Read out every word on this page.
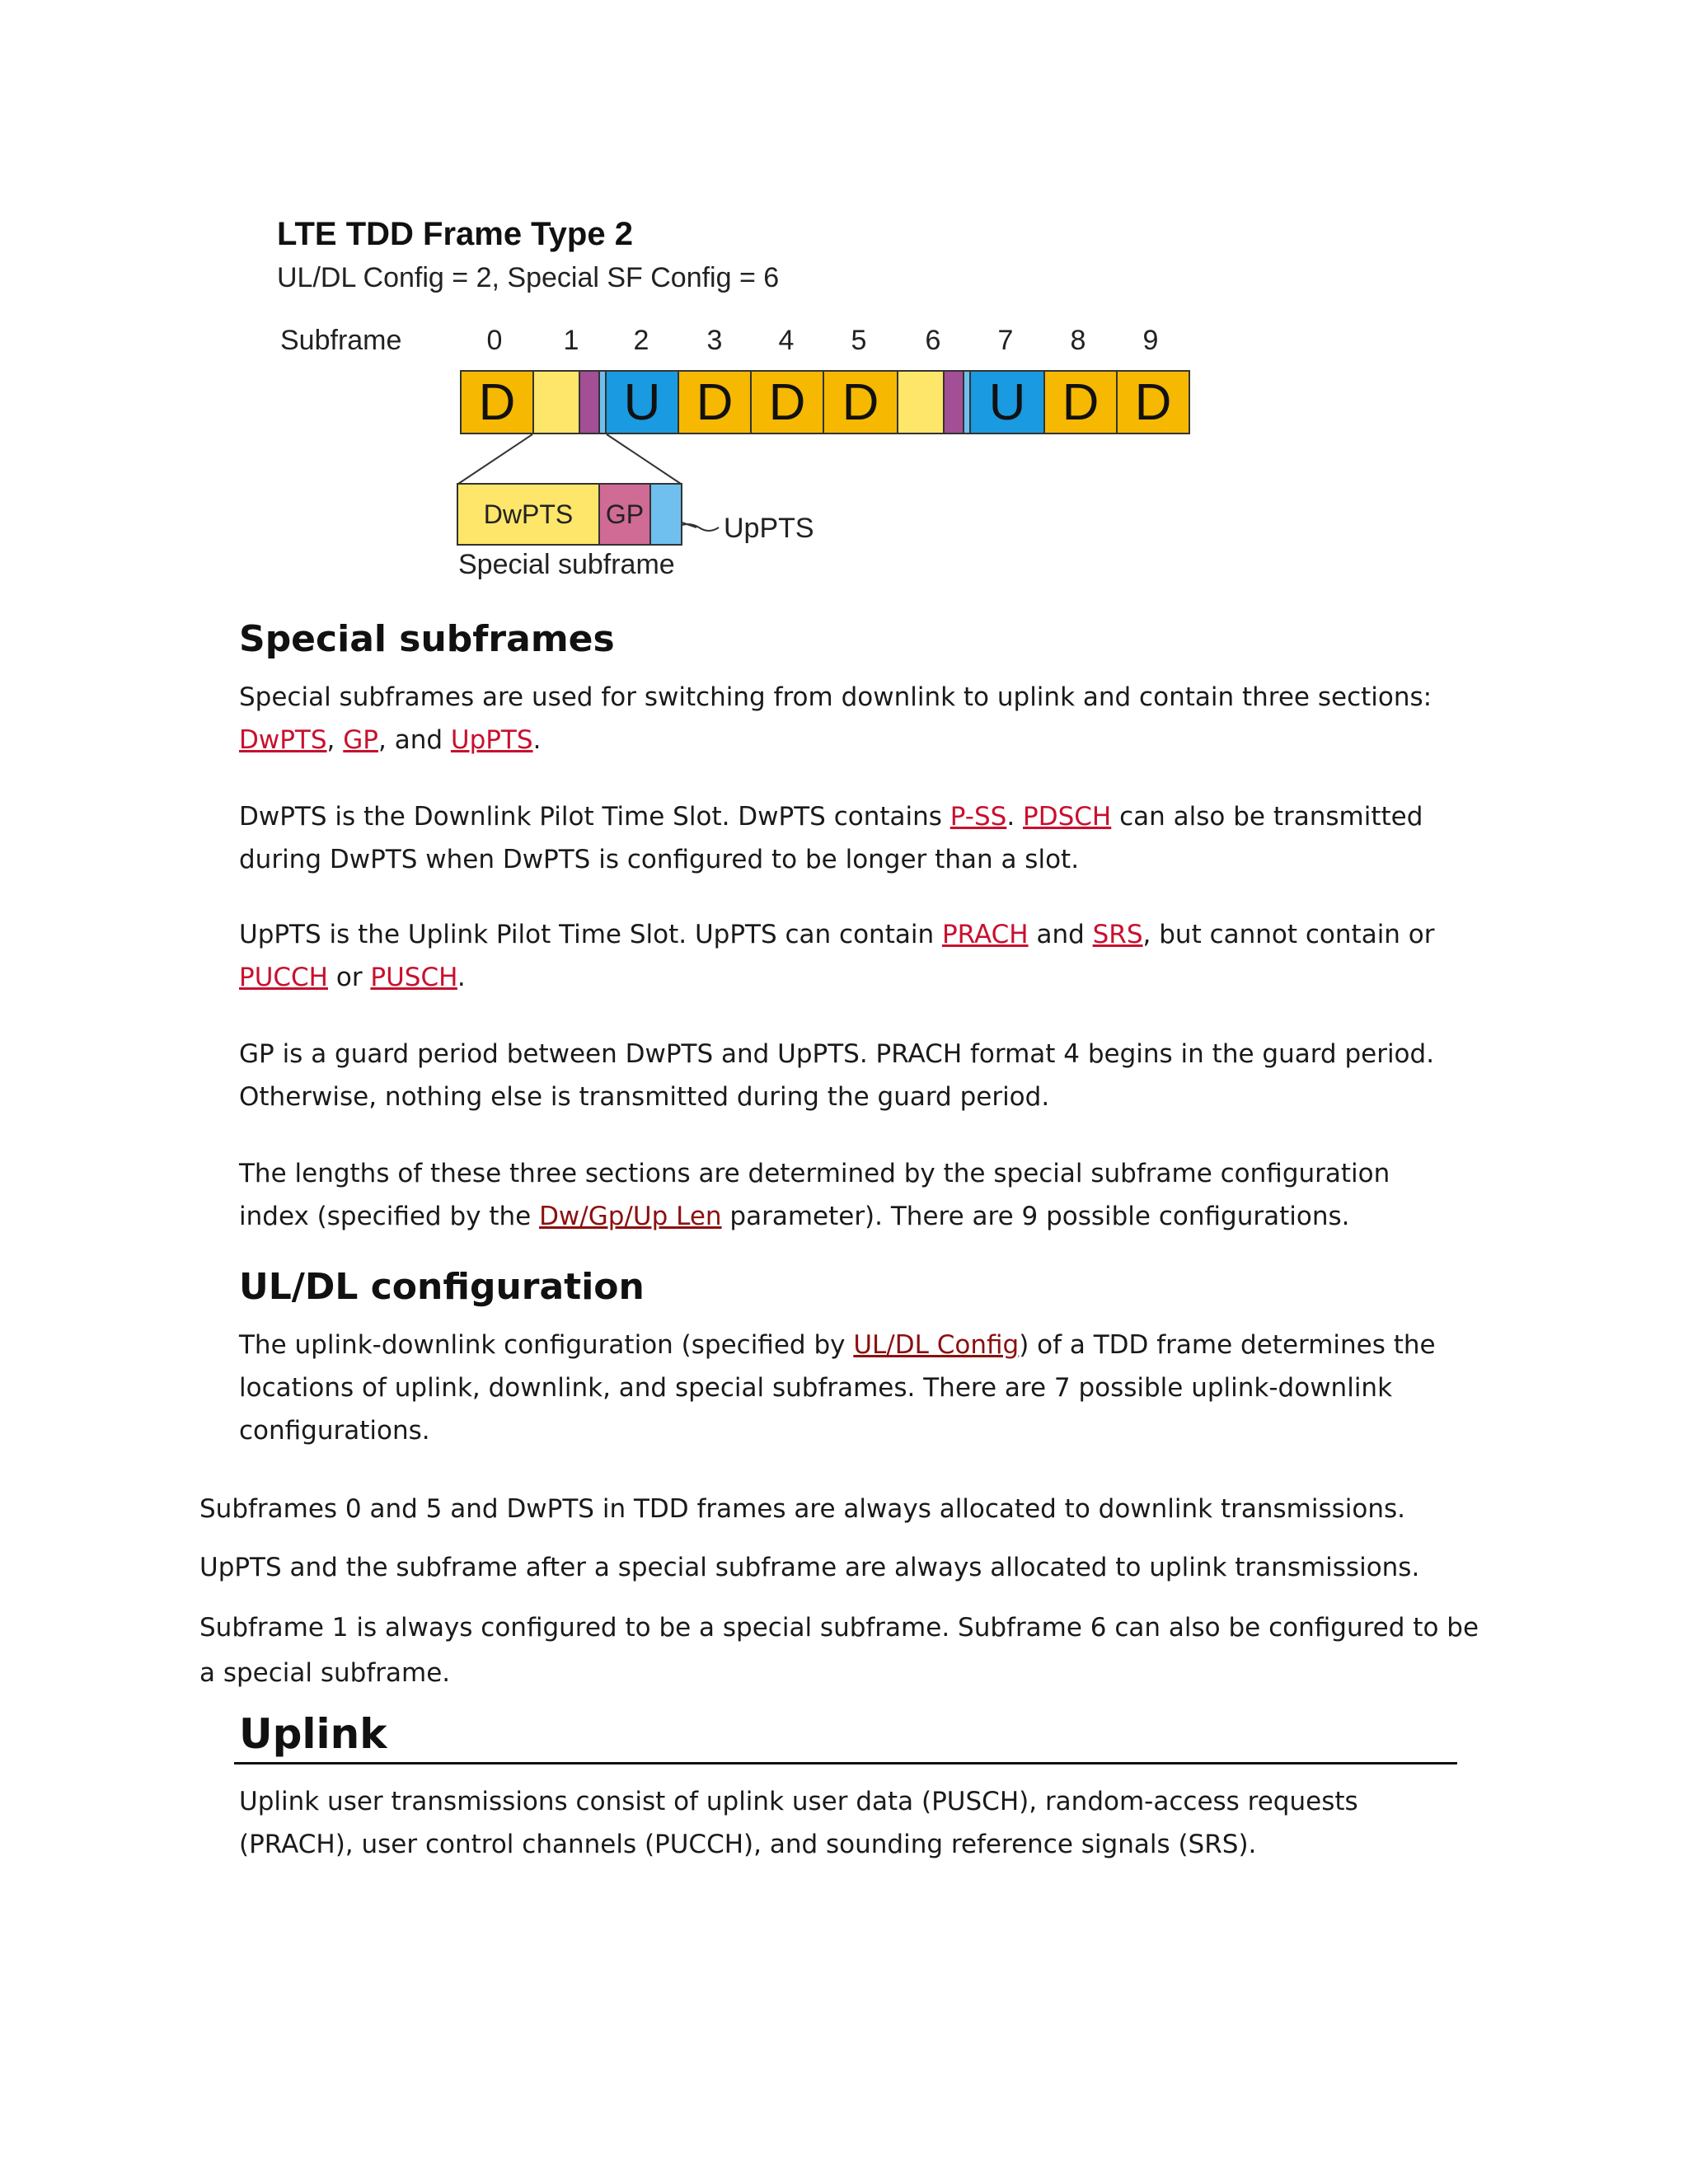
LTE TDD Frame Type 2
UL/DL Config = 2, Special SF Config = 6
Subframe	0	1	2	3	4	5	6	7	8	9
D	U D D D	U D D
DwPTS	GP	UpPTS
Special subframe
Special subframes

Special subframes are used for switching from downlink to uplink and contain three sections: DwPTS, GP, and UpPTS.

DwPTS is the Downlink Pilot Time Slot. DwPTS contains P-SS. PDSCH can also be transmitted during DwPTS when DwPTS is configured to be longer than a slot.

UpPTS is the Uplink Pilot Time Slot. UpPTS can contain PRACH and SRS, but cannot contain or PUCCH or PUSCH.

GP is a guard period between DwPTS and UpPTS. PRACH format 4 begins in the guard period. Otherwise, nothing else is transmitted during the guard period.

The lengths of these three sections are determined by the special subframe configuration index (specified by the Dw/Gp/Up Len parameter). There are 9 possible configurations.

UL/DL configuration

The uplink-downlink configuration (specified by UL/DL Config) of a TDD frame determines the locations of uplink, downlink, and special subframes. There are 7 possible uplink-downlink configurations.

Subframes 0 and 5 and DwPTS in TDD frames are always allocated to downlink transmissions.

UpPTS and the subframe after a special subframe are always allocated to uplink transmissions.

Subframe 1 is always configured to be a special subframe. Subframe 6 can also be configured to be a special subframe.

Uplink

Uplink user transmissions consist of uplink user data (PUSCH), random-access requests (PRACH), user control channels (PUCCH), and sounding reference signals (SRS).
